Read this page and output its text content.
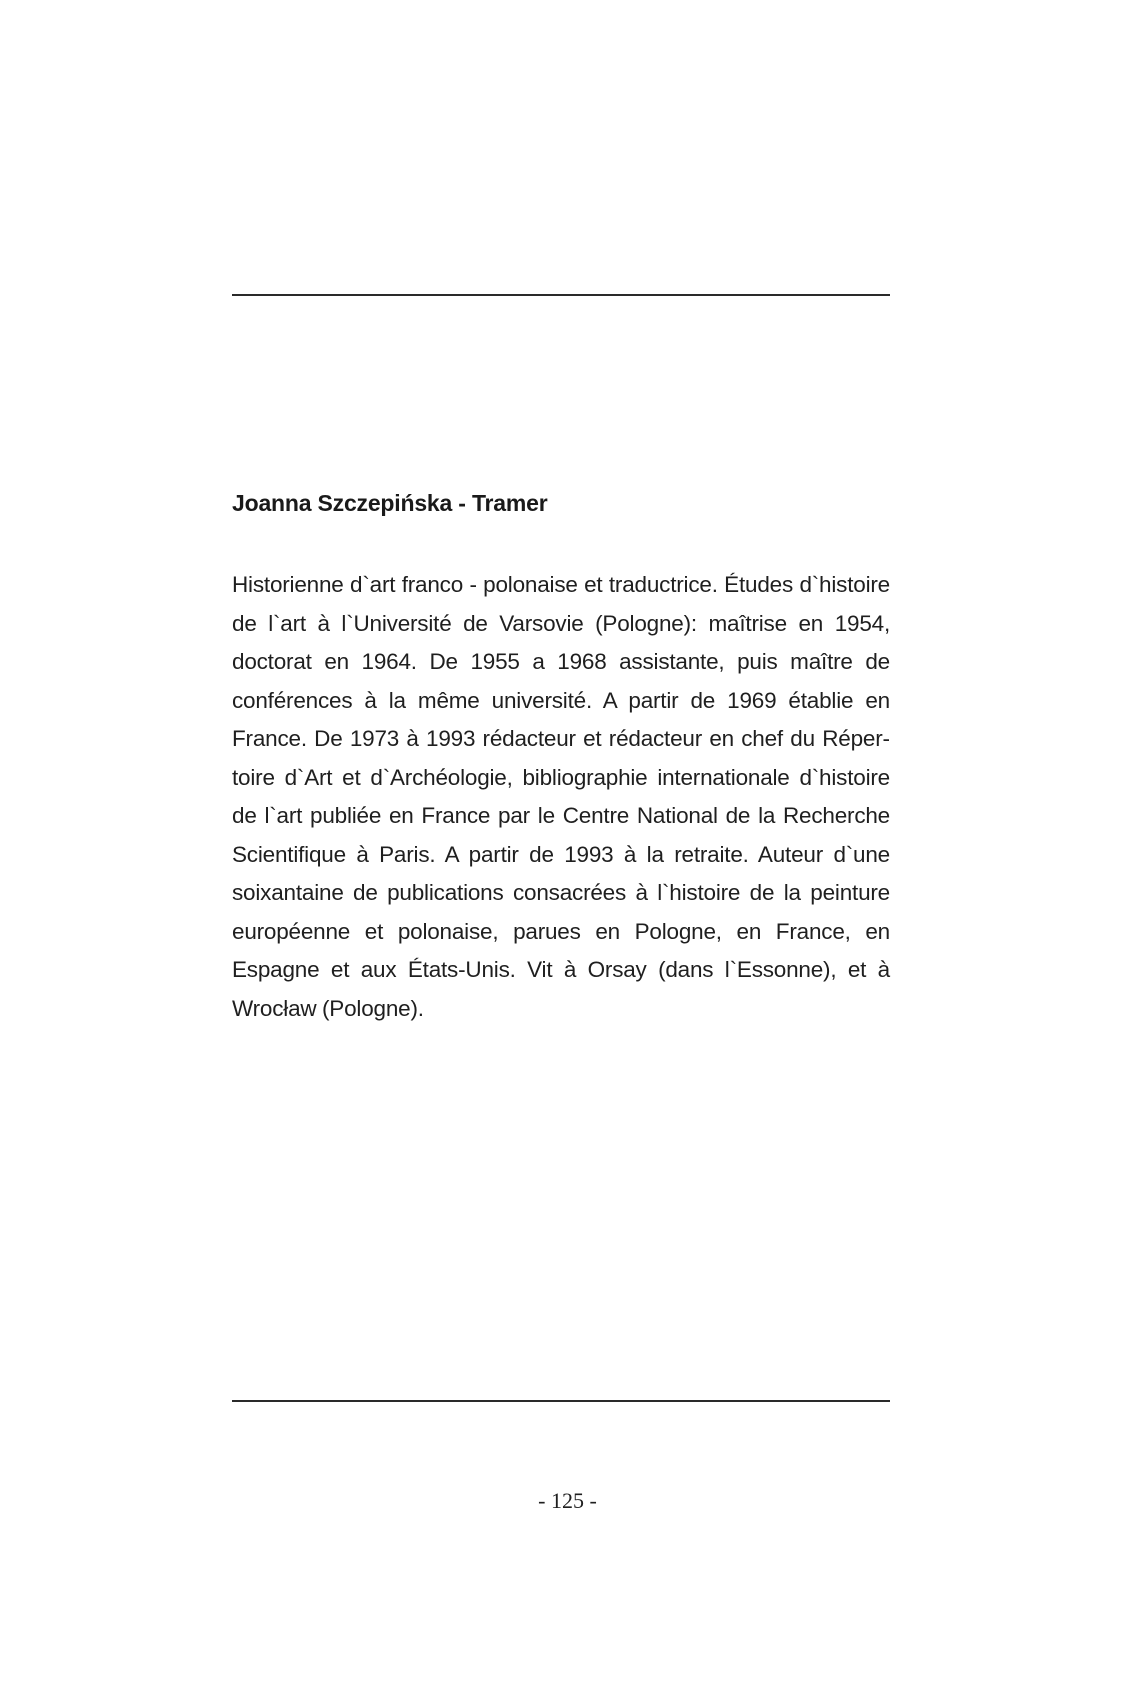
Joanna Szczepińska - Tramer

Historienne d`art franco - polonaise et traductrice. Études d`histoire de l`art à l`Université de Varsovie (Pologne): maîtrise en 1954, doctorat en 1964. De 1955 a 1968 assistante, puis maître de conférences à la même université. A partir de 1969 établie en France. De 1973 à 1993 rédacteur et rédacteur en chef du Répertoire d`Art et d`Archéologie, bibliographie internationale d`histoire de l`art publiée en France par le Centre National de la Recherche Scientifique à Paris. A partir de 1993 à la retraite. Auteur d`une soixantaine de publications consacrées à l`histoire de la peinture européenne et polonaise, parues en Pologne, en France, en Espagne et aux États-Unis. Vit à Orsay (dans l`Essonne), et à Wrocław (Pologne).

- 125 -
